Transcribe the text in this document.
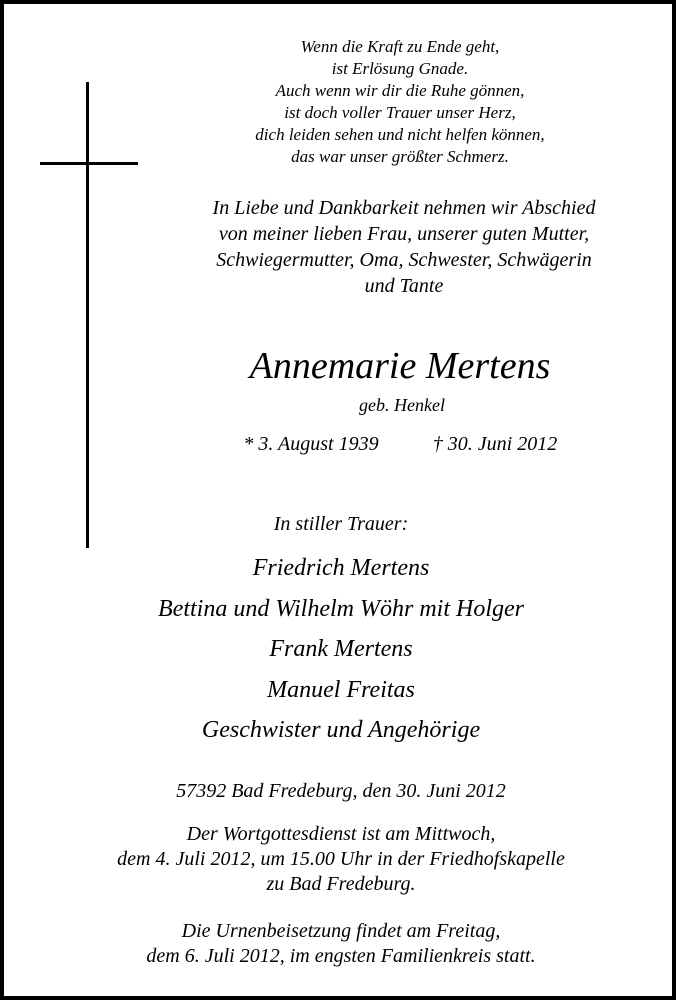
Wenn die Kraft zu Ende geht,

ist Erlösung Gnade.

Auch wenn wir dir die Ruhe gönnen,

ist doch voller Trauer unser Herz,

dich leiden sehen und nicht helfen können,

das war unser größter Schmerz.

In Liebe und Dankbarkeit nehmen wir Abschied

von meiner lieben Frau, unserer guten Mutter,

Schwiegermutter, Oma, Schwester, Schwägerin

und Tante

Annemarie Mertens

geb. Henkel

* 3. August 1939	† 30. Juni 2012

In stiller Trauer:

Friedrich Mertens

Bettina und Wilhelm Wöhr mit Holger

Frank Mertens

Manuel Freitas

Geschwister und Angehörige

57392 Bad Fredeburg, den 30. Juni 2012

Der Wortgottesdienst ist am Mittwoch,

dem 4. Juli 2012, um 15.00 Uhr in der Friedhofskapelle

zu Bad Fredeburg.

Die Urnenbeisetzung findet am Freitag,

dem 6. Juli 2012, im engsten Familienkreis statt.
